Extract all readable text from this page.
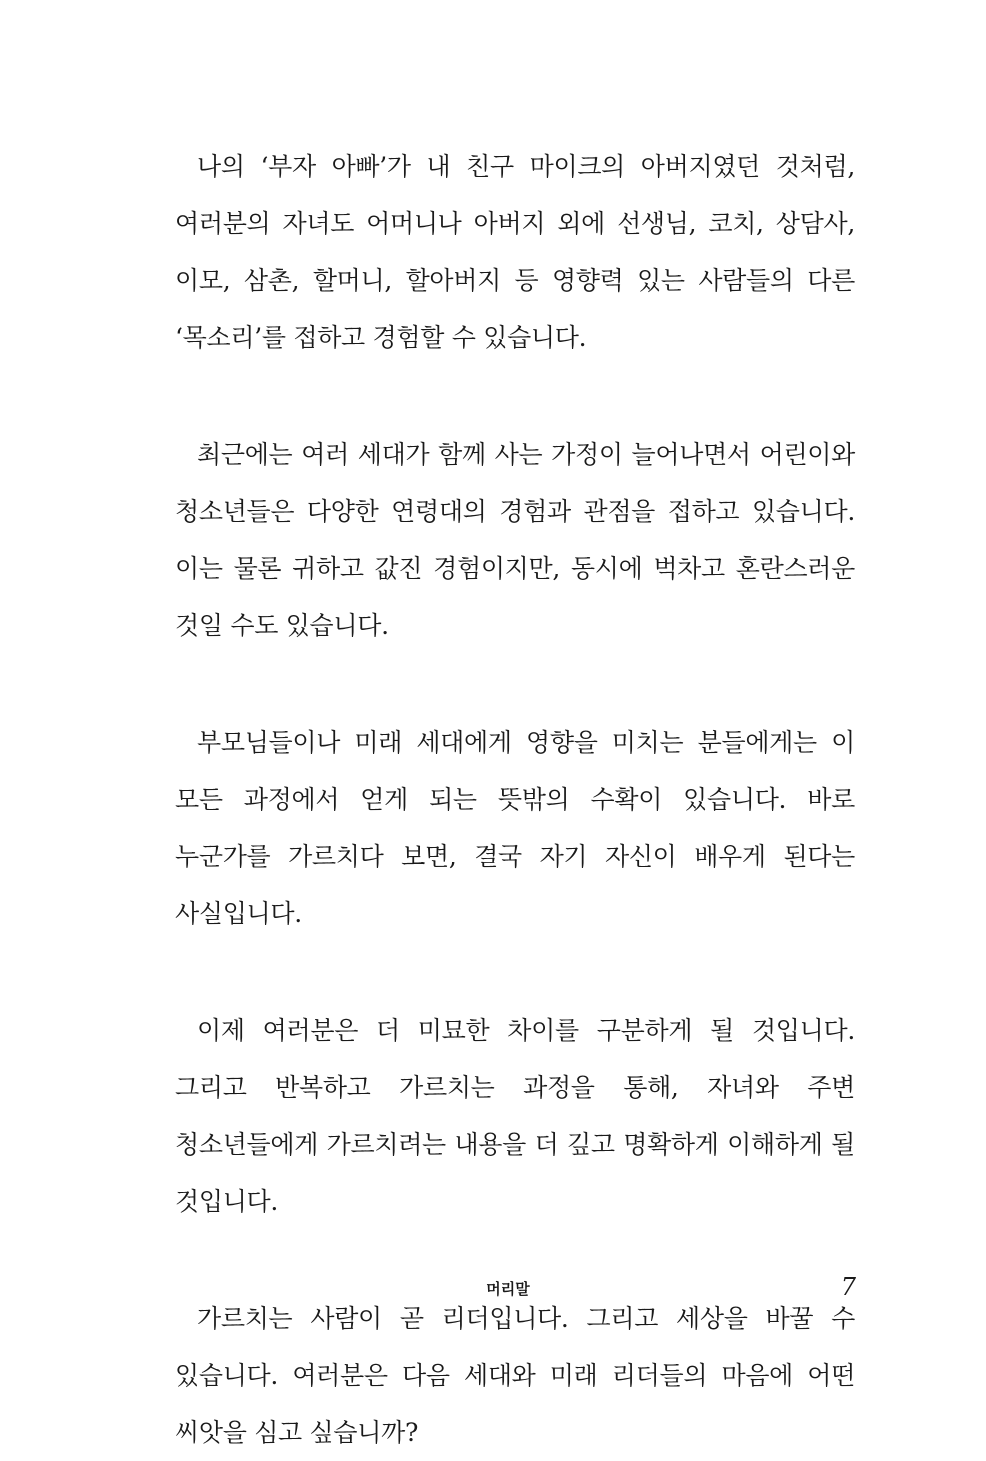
나의 ‘부자 아빠’가 내 친구 마이크의 아버지였던 것처럼, 여러분의 자녀도 어머니나 아버지 외에 선생님, 코치, 상담사, 이모, 삼촌, 할머니, 할아버지 등 영향력 있는 사람들의 다른 ‘목소리’를 접하고 경험할 수 있습니다.

최근에는 여러 세대가 함께 사는 가정이 늘어나면서 어린이와 청소년들은 다양한 연령대의 경험과 관점을 접하고 있습니다. 이는 물론 귀하고 값진 경험이지만, 동시에 벅차고 혼란스러운 것일 수도 있습니다.

부모님들이나 미래 세대에게 영향을 미치는 분들에게는 이 모든 과정에서 얻게 되는 뜻밖의 수확이 있습니다. 바로 누군가를 가르치다 보면, 결국 자기 자신이 배우게 된다는 사실입니다.

이제 여러분은 더 미묘한 차이를 구분하게 될 것입니다. 그리고 반복하고 가르치는 과정을 통해, 자녀와 주변 청소년들에게 가르치려는 내용을 더 깊고 명확하게 이해하게 될 것입니다.

가르치는 사람이 곧 리더입니다. 그리고 세상을 바꿀 수 있습니다. 여러분은 다음 세대와 미래 리더들의 마음에 어떤 씨앗을 심고 싶습니까?

머리말	7
